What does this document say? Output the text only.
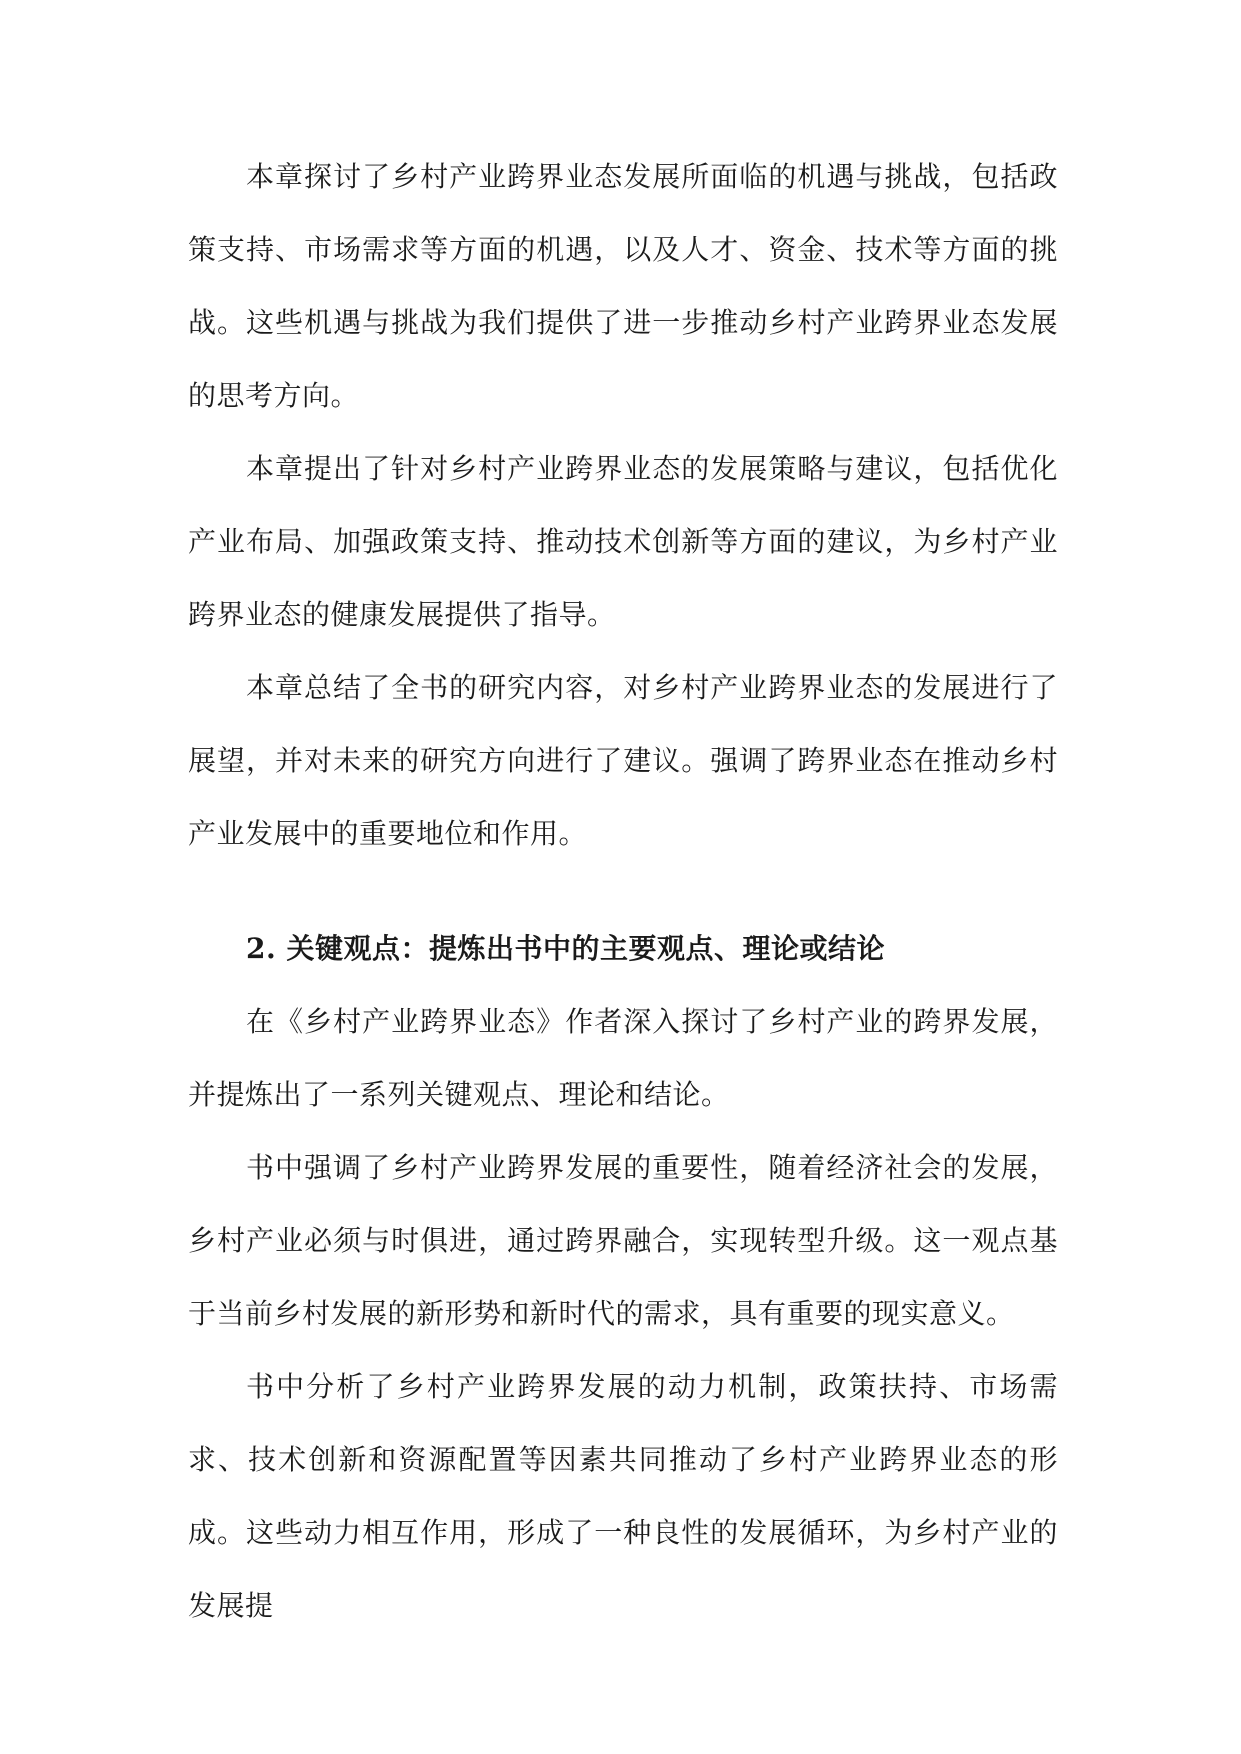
本章探讨了乡村产业跨界业态发展所面临的机遇与挑战，包括政策支持、市场需求等方面的机遇，以及人才、资金、技术等方面的挑战。这些机遇与挑战为我们提供了进一步推动乡村产业跨界业态发展的思考方向。

本章提出了针对乡村产业跨界业态的发展策略与建议，包括优化产业布局、加强政策支持、推动技术创新等方面的建议，为乡村产业跨界业态的健康发展提供了指导。

本章总结了全书的研究内容，对乡村产业跨界业态的发展进行了展望，并对未来的研究方向进行了建议。强调了跨界业态在推动乡村产业发展中的重要地位和作用。

2. 关键观点：提炼出书中的主要观点、理论或结论

在《乡村产业跨界业态》作者深入探讨了乡村产业的跨界发展，并提炼出了一系列关键观点、理论和结论。

书中强调了乡村产业跨界发展的重要性，随着经济社会的发展，乡村产业必须与时俱进，通过跨界融合，实现转型升级。这一观点基于当前乡村发展的新形势和新时代的需求，具有重要的现实意义。

书中分析了乡村产业跨界发展的动力机制，政策扶持、市场需求、技术创新和资源配置等因素共同推动了乡村产业跨界业态的形成。这些动力相互作用，形成了一种良性的发展循环，为乡村产业的发展提
